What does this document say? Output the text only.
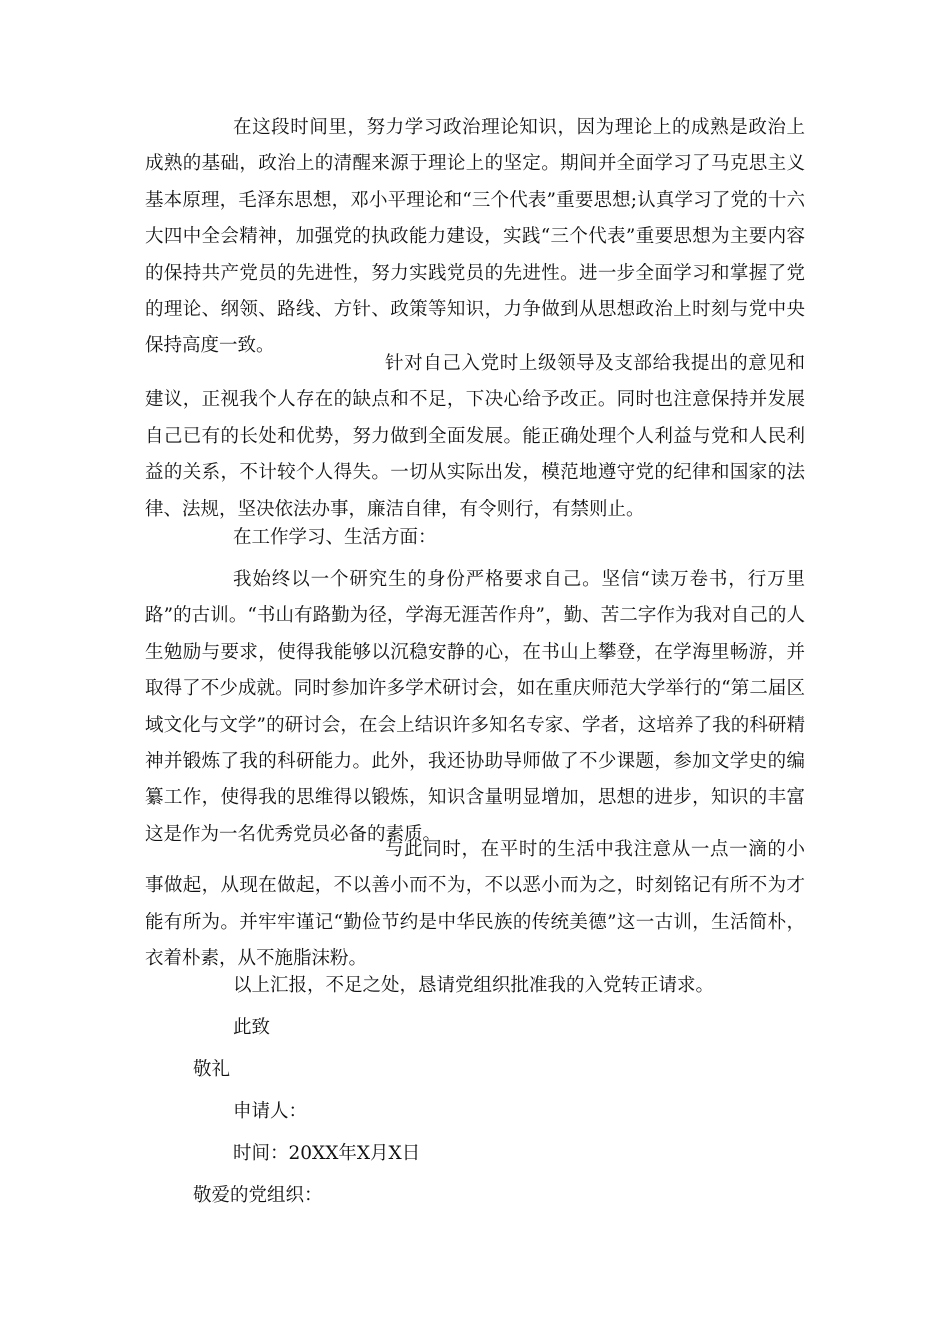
在这段时间里，努力学习政治理论知识，因为理论上的成熟是政治上成熟的基础，政治上的清醒来源于理论上的坚定。期间并全面学习了马克思主义基本原理，毛泽东思想，邓小平理论和“三个代表”重要思想;认真学习了党的十六大四中全会精神，加强党的执政能力建设，实践“三个代表”重要思想为主要内容的保持共产党员的先进性，努力实践党员的先进性。进一步全面学习和掌握了党的理论、纲领、路线、方针、政策等知识，力争做到从思想政治上时刻与党中央保持高度一致。

针对自己入党时上级领导及支部给我提出的意见和建议，正视我个人存在的缺点和不足，下决心给予改正。同时也注意保持并发展自己已有的长处和优势，努力做到全面发展。能正确处理个人利益与党和人民利益的关系，不计较个人得失。一切从实际出发，模范地遵守党的纪律和国家的法律、法规，坚决依法办事，廉洁自律，有令则行，有禁则止。

在工作学习、生活方面：

我始终以一个研究生的身份严格要求自己。坚信“读万卷书，行万里路”的古训。“书山有路勤为径，学海无涯苦作舟”，勤、苦二字作为我对自己的人生勉励与要求，使得我能够以沉稳安静的心，在书山上攀登，在学海里畅游，并取得了不少成就。同时参加许多学术研讨会，如在重庆师范大学举行的“第二届区域文化与文学”的研讨会，在会上结识许多知名专家、学者，这培养了我的科研精神并锻炼了我的科研能力。此外，我还协助导师做了不少课题，参加文学史的编纂工作，使得我的思维得以锻炼，知识含量明显增加，思想的进步，知识的丰富这是作为一名优秀党员必备的素质。

与此同时，在平时的生活中我注意从一点一滴的小事做起，从现在做起，不以善小而不为，不以恶小而为之，时刻铭记有所不为才能有所为。并牢牢谨记“勤俭节约是中华民族的传统美德”这一古训，生活简朴，衣着朴素，从不施脂沫粉。

以上汇报，不足之处，恳请党组织批准我的入党转正请求。

此致

敬礼

申请人：

时间：20XX年X月X日

敬爱的党组织：
